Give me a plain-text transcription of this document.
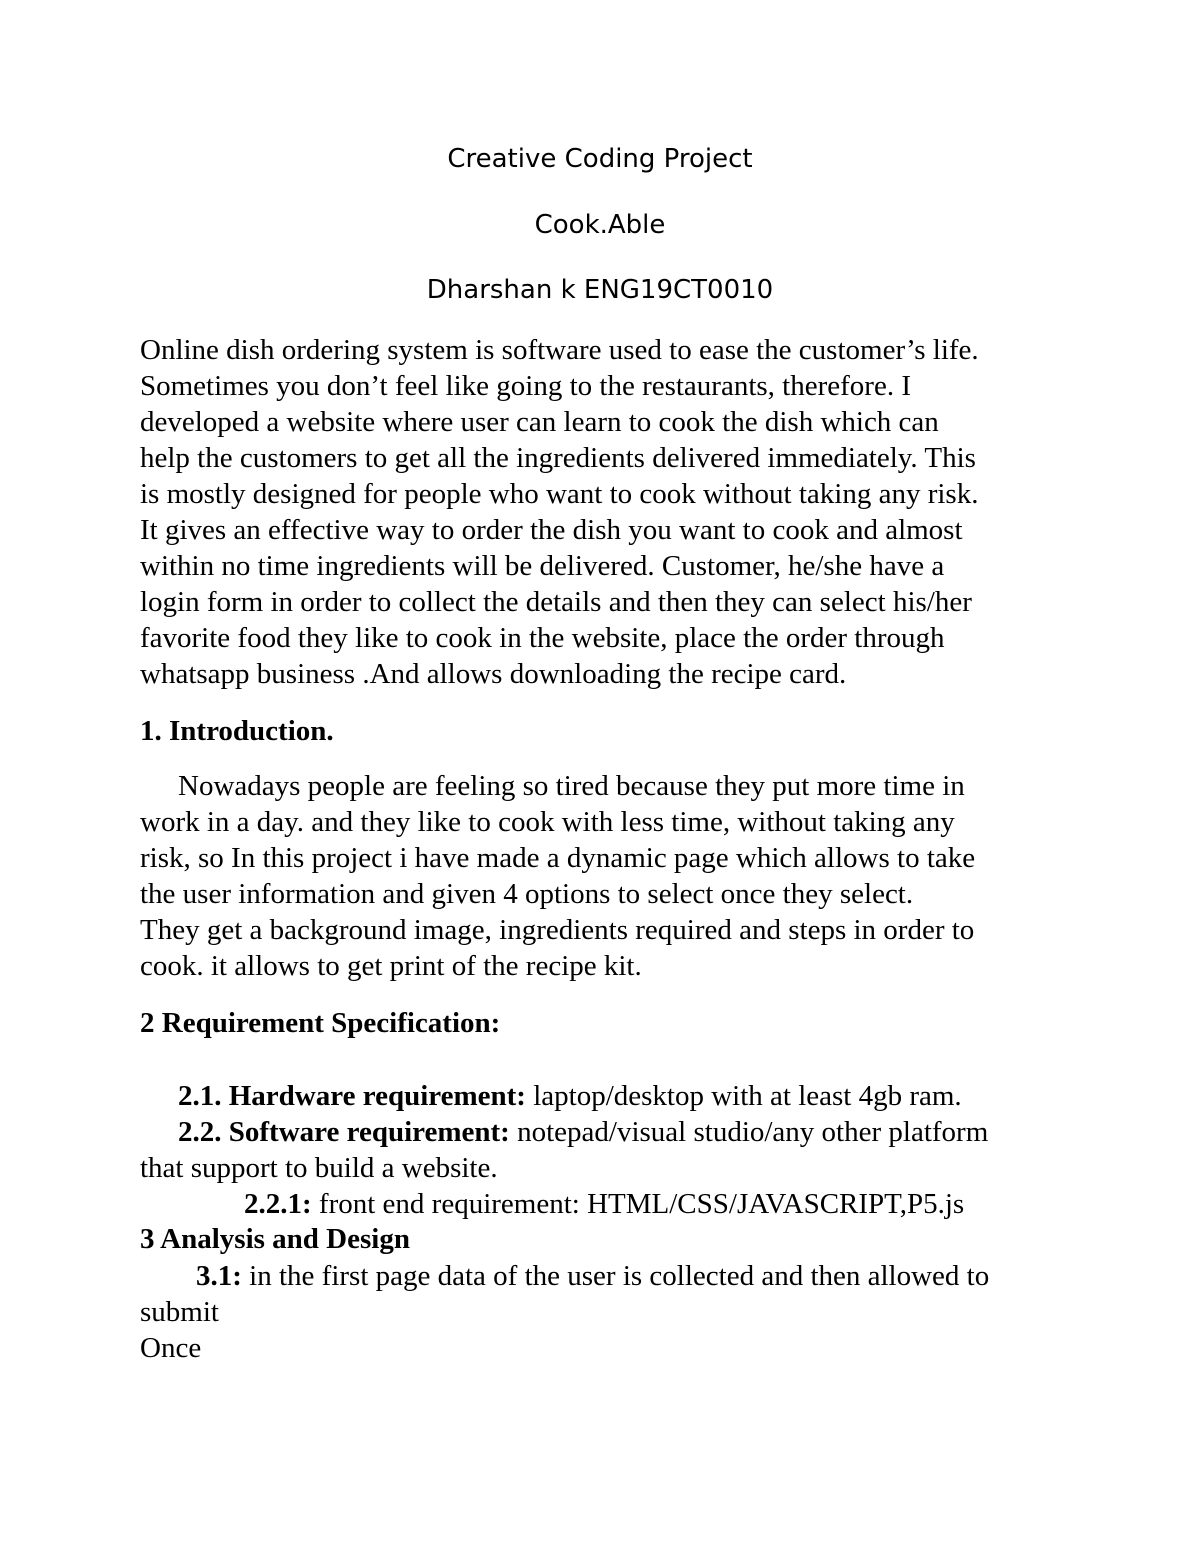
Creative Coding Project
Cook.Able
Dharshan k ENG19CT0010
Online dish ordering system is software used to ease the customer’s life.
Sometimes you don’t feel like going to the restaurants, therefore. I
developed a website where user can learn to cook the dish which can
help the customers to get all the ingredients delivered immediately. This
is mostly designed for people who want to cook without taking any risk.
It gives an effective way to order the dish you want to cook and almost
within no time ingredients will be delivered. Customer, he/she have a
login form in order to collect the details and then they can select his/her
favorite food they like to cook in the website, place the order through
whatsapp business .And allows downloading the recipe card.
1. Introduction.
Nowadays people are feeling so tired because they put more time in
work in a day. and they like to cook with less time, without taking any
risk, so In this project i have made a dynamic page which allows to take
the user information and given 4 options to select once they select.
They get a background image, ingredients required and steps in order to
cook. it allows to get print of the recipe kit.
2 Requirement Specification:
2.1. Hardware requirement: laptop/desktop with at least 4gb ram.
2.2. Software requirement: notepad/visual studio/any other platform
that support to build a website.
2.2.1: front end requirement: HTML/CSS/JAVASCRIPT,P5.js
3 Analysis and Design
3.1: in the first page data of the user is collected and then allowed to
submit
Once
